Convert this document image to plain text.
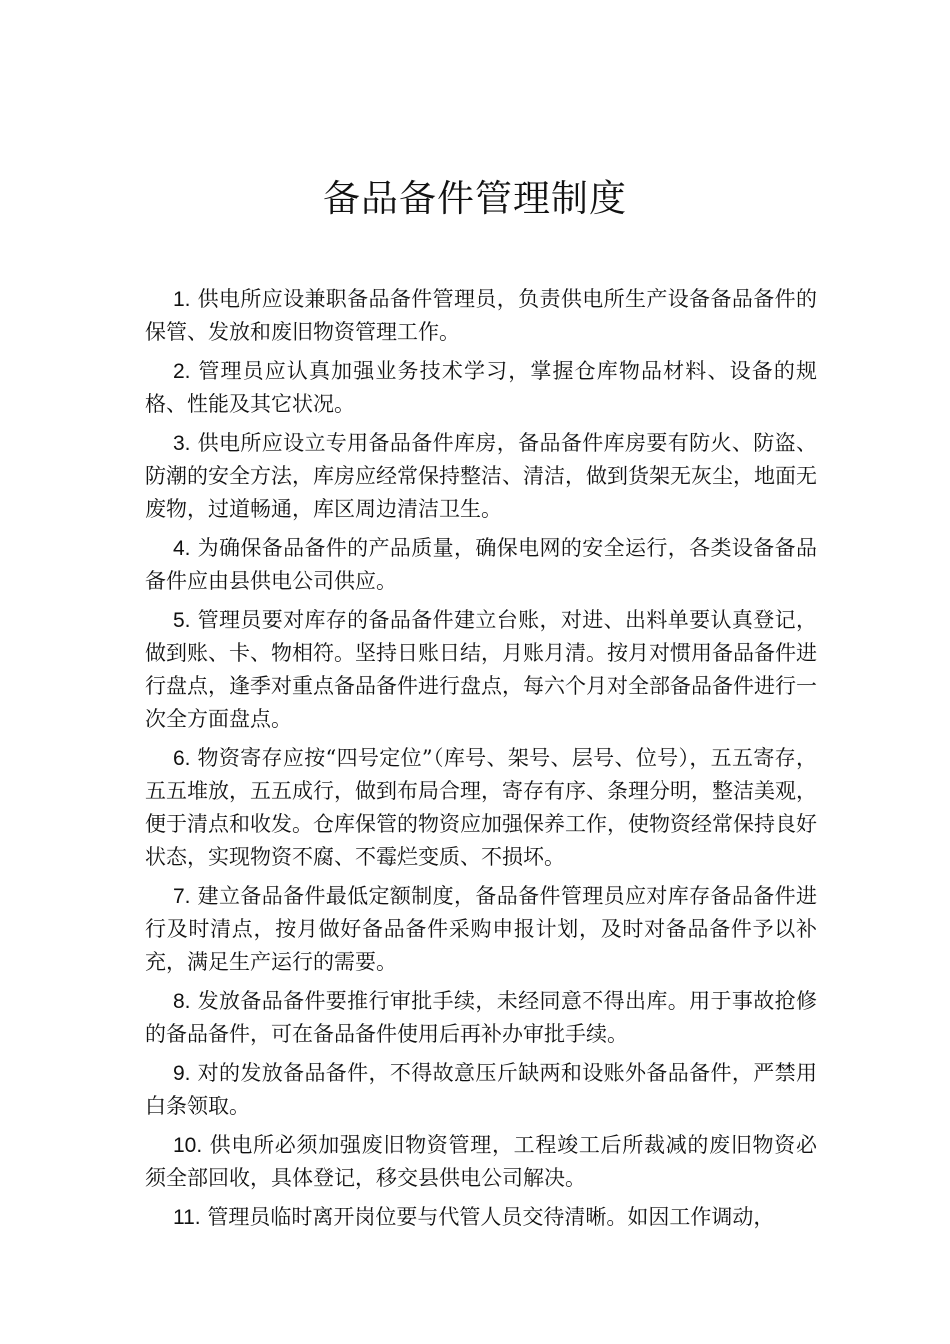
备品备件管理制度

1. 供电所应设兼职备品备件管理员，负责供电所生产设备备品备件的保管、发放和废旧物资管理工作。

2. 管理员应认真加强业务技术学习，掌握仓库物品材料、设备的规格、性能及其它状况。

3. 供电所应设立专用备品备件库房，备品备件库房要有防火、防盗、防潮的安全方法，库房应经常保持整洁、清洁，做到货架无灰尘，地面无废物，过道畅通，库区周边清洁卫生。

4. 为确保备品备件的产品质量，确保电网的安全运行，各类设备备品备件应由县供电公司供应。

5. 管理员要对库存的备品备件建立台账，对进、出料单要认真登记，做到账、卡、物相符。坚持日账日结，月账月清。按月对惯用备品备件进行盘点，逢季对重点备品备件进行盘点，每六个月对全部备品备件进行一次全方面盘点。

6. 物资寄存应按“四号定位”（库号、架号、层号、位号），五五寄存，五五堆放，五五成行，做到布局合理，寄存有序、条理分明，整洁美观，便于清点和收发。仓库保管的物资应加强保养工作，使物资经常保持良好状态，实现物资不腐、不霉烂变质、不损坏。

7. 建立备品备件最低定额制度，备品备件管理员应对库存备品备件进行及时清点，按月做好备品备件采购申报计划，及时对备品备件予以补充，满足生产运行的需要。

8. 发放备品备件要推行审批手续，未经同意不得出库。用于事故抢修的备品备件，可在备品备件使用后再补办审批手续。

9. 对的发放备品备件，不得故意压斤缺两和设账外备品备件，严禁用白条领取。

10. 供电所必须加强废旧物资管理，工程竣工后所裁减的废旧物资必须全部回收，具体登记，移交县供电公司解决。

11. 管理员临时离开岗位要与代管人员交待清晰。如因工作调动，
